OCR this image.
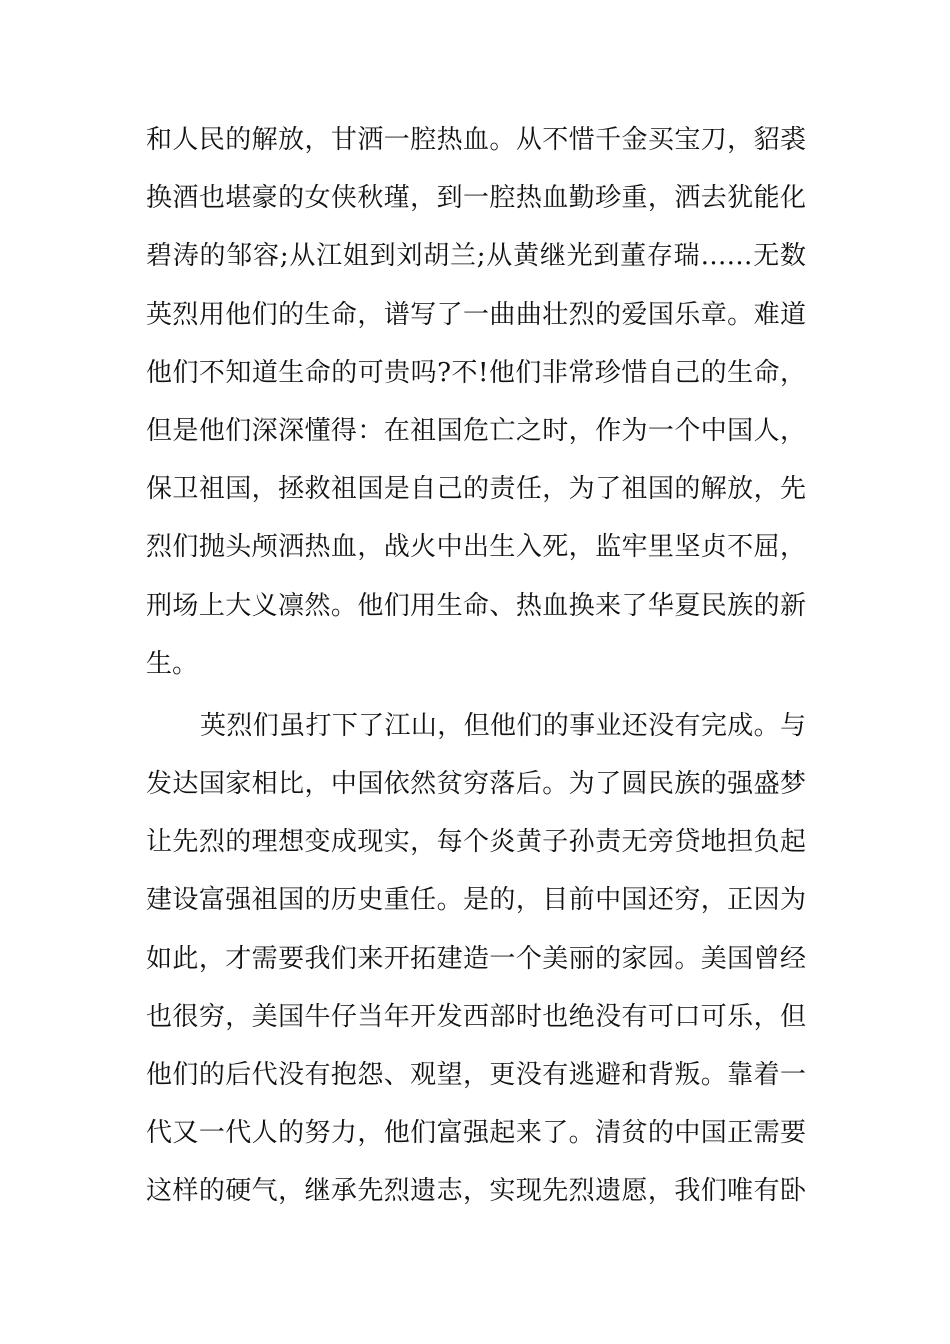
和人民的解放，甘洒一腔热血。从不惜千金买宝刀，貂裘
换酒也堪豪的女侠秋瑾，到一腔热血勤珍重，洒去犹能化
碧涛的邹容;从江姐到刘胡兰;从黄继光到董存瑞……无数
英烈用他们的生命，谱写了一曲曲壮烈的爱国乐章。难道
他们不知道生命的可贵吗?不!他们非常珍惜自己的生命，
但是他们深深懂得：在祖国危亡之时，作为一个中国人，
保卫祖国，拯救祖国是自己的责任，为了祖国的解放，先
烈们抛头颅洒热血，战火中出生入死，监牢里坚贞不屈，
刑场上大义凛然。他们用生命、热血换来了华夏民族的新
生。

英烈们虽打下了江山，但他们的事业还没有完成。与
发达国家相比，中国依然贫穷落后。为了圆民族的强盛梦
让先烈的理想变成现实，每个炎黄子孙责无旁贷地担负起
建设富强祖国的历史重任。是的，目前中国还穷，正因为
如此，才需要我们来开拓建造一个美丽的家园。美国曾经
也很穷，美国牛仔当年开发西部时也绝没有可口可乐，但
他们的后代没有抱怨、观望，更没有逃避和背叛。靠着一
代又一代人的努力，他们富强起来了。清贫的中国正需要
这样的硬气，继承先烈遗志，实现先烈遗愿，我们唯有卧
